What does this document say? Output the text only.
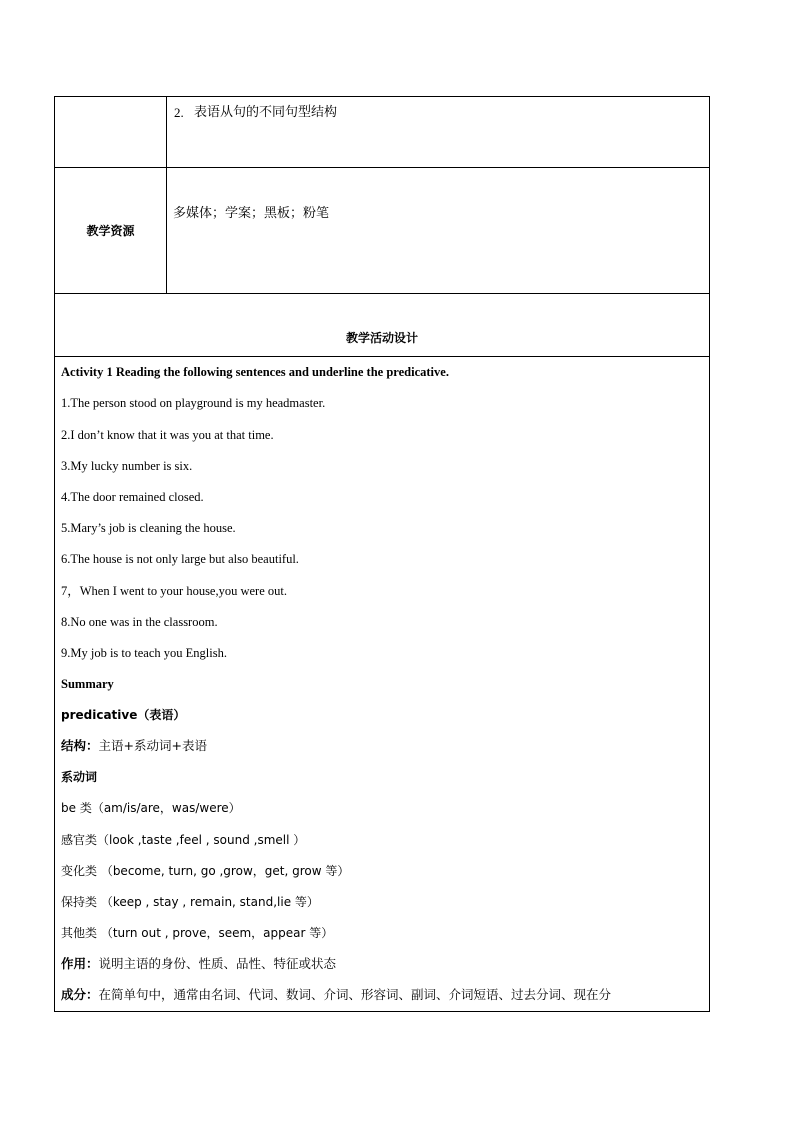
2. 表语从句的不同句型结构
教学资源
多媒体；学案；黑板；粉笔
教学活动设计
Activity 1 Reading the following sentences and underline the predicative.
1.The person stood on playground is my headmaster.
2.I don’t know that it was you at that time.
3.My lucky number is six.
4.The door remained closed.
5.Mary’s job is cleaning the house.
6.The house is not only large but also beautiful.
7，When I went to your house,you were out.
8.No one was in the classroom.
9.My job is to teach you English.
Summary
predicative（表语）
结构：主语+系动词+表语
系动词
be 类（am/is/are，was/were）
感官类（look ,taste ,feel , sound ,smell ）
变化类 （become, turn, go ,grow，get, grow 等）
保持类 （keep , stay , remain, stand,lie 等）
其他类 （turn out , prove，seem，appear 等）
作用：说明主语的身份、性质、品性、特征或状态
成分：在简单句中，通常由名词、代词、数词、介词、形容词、副词、介词短语、过去分词、现在分
